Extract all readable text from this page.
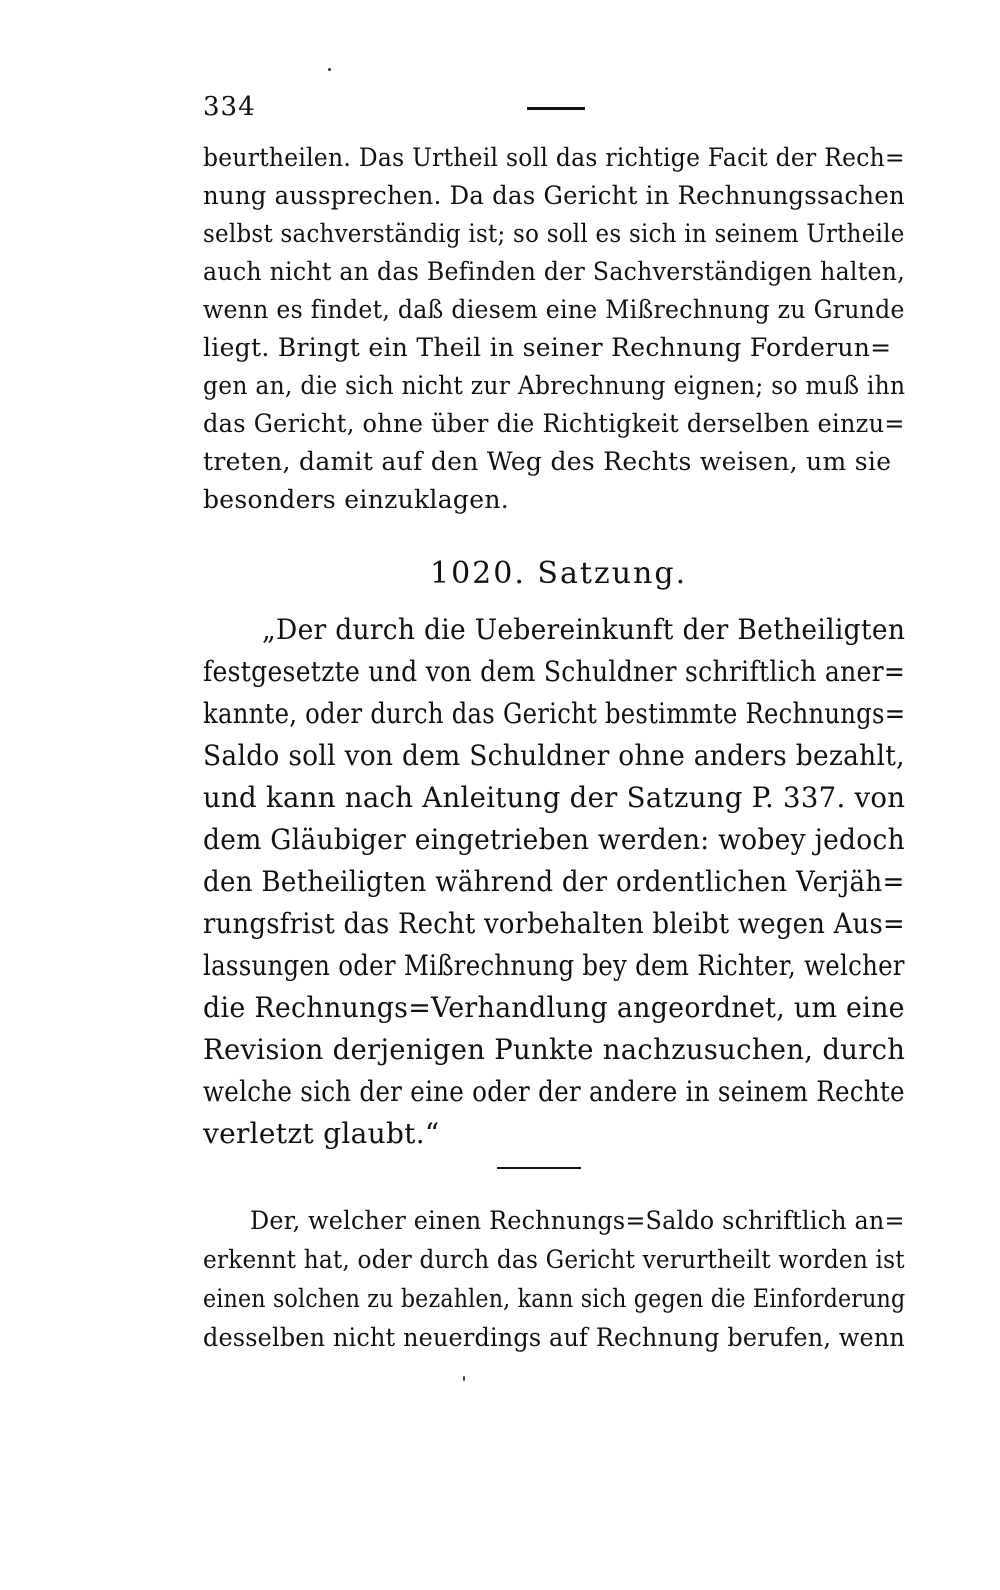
334
beurtheilen. Das Urtheil soll das richtige Facit der Rech=
nung aussprechen. Da das Gericht in Rechnungssachen
selbst sachverständig ist; so soll es sich in seinem Urtheile
auch nicht an das Befinden der Sachverständigen halten,
wenn es findet, daß diesem eine Mißrechnung zu Grunde
liegt. Bringt ein Theil in seiner Rechnung Forderun=
gen an, die sich nicht zur Abrechnung eignen; so muß ihn
das Gericht, ohne über die Richtigkeit derselben einzu=
treten, damit auf den Weg des Rechts weisen, um sie
besonders einzuklagen.
1020. Satzung.
„Der durch die Uebereinkunft der Betheiligten
festgesetzte und von dem Schuldner schriftlich aner=
kannte, oder durch das Gericht bestimmte Rechnungs=
Saldo soll von dem Schuldner ohne anders bezahlt,
und kann nach Anleitung der Satzung P. 337. von
dem Gläubiger eingetrieben werden: wobey jedoch
den Betheiligten während der ordentlichen Verjäh=
rungsfrist das Recht vorbehalten bleibt wegen Aus=
lassungen oder Mißrechnung bey dem Richter, welcher
die Rechnungs=Verhandlung angeordnet, um eine
Revision derjenigen Punkte nachzusuchen, durch
welche sich der eine oder der andere in seinem Rechte
verletzt glaubt.“
Der, welcher einen Rechnungs=Saldo schriftlich an=
erkennt hat, oder durch das Gericht verurtheilt worden ist
einen solchen zu bezahlen, kann sich gegen die Einforderung
desselben nicht neuerdings auf Rechnung berufen, wenn
